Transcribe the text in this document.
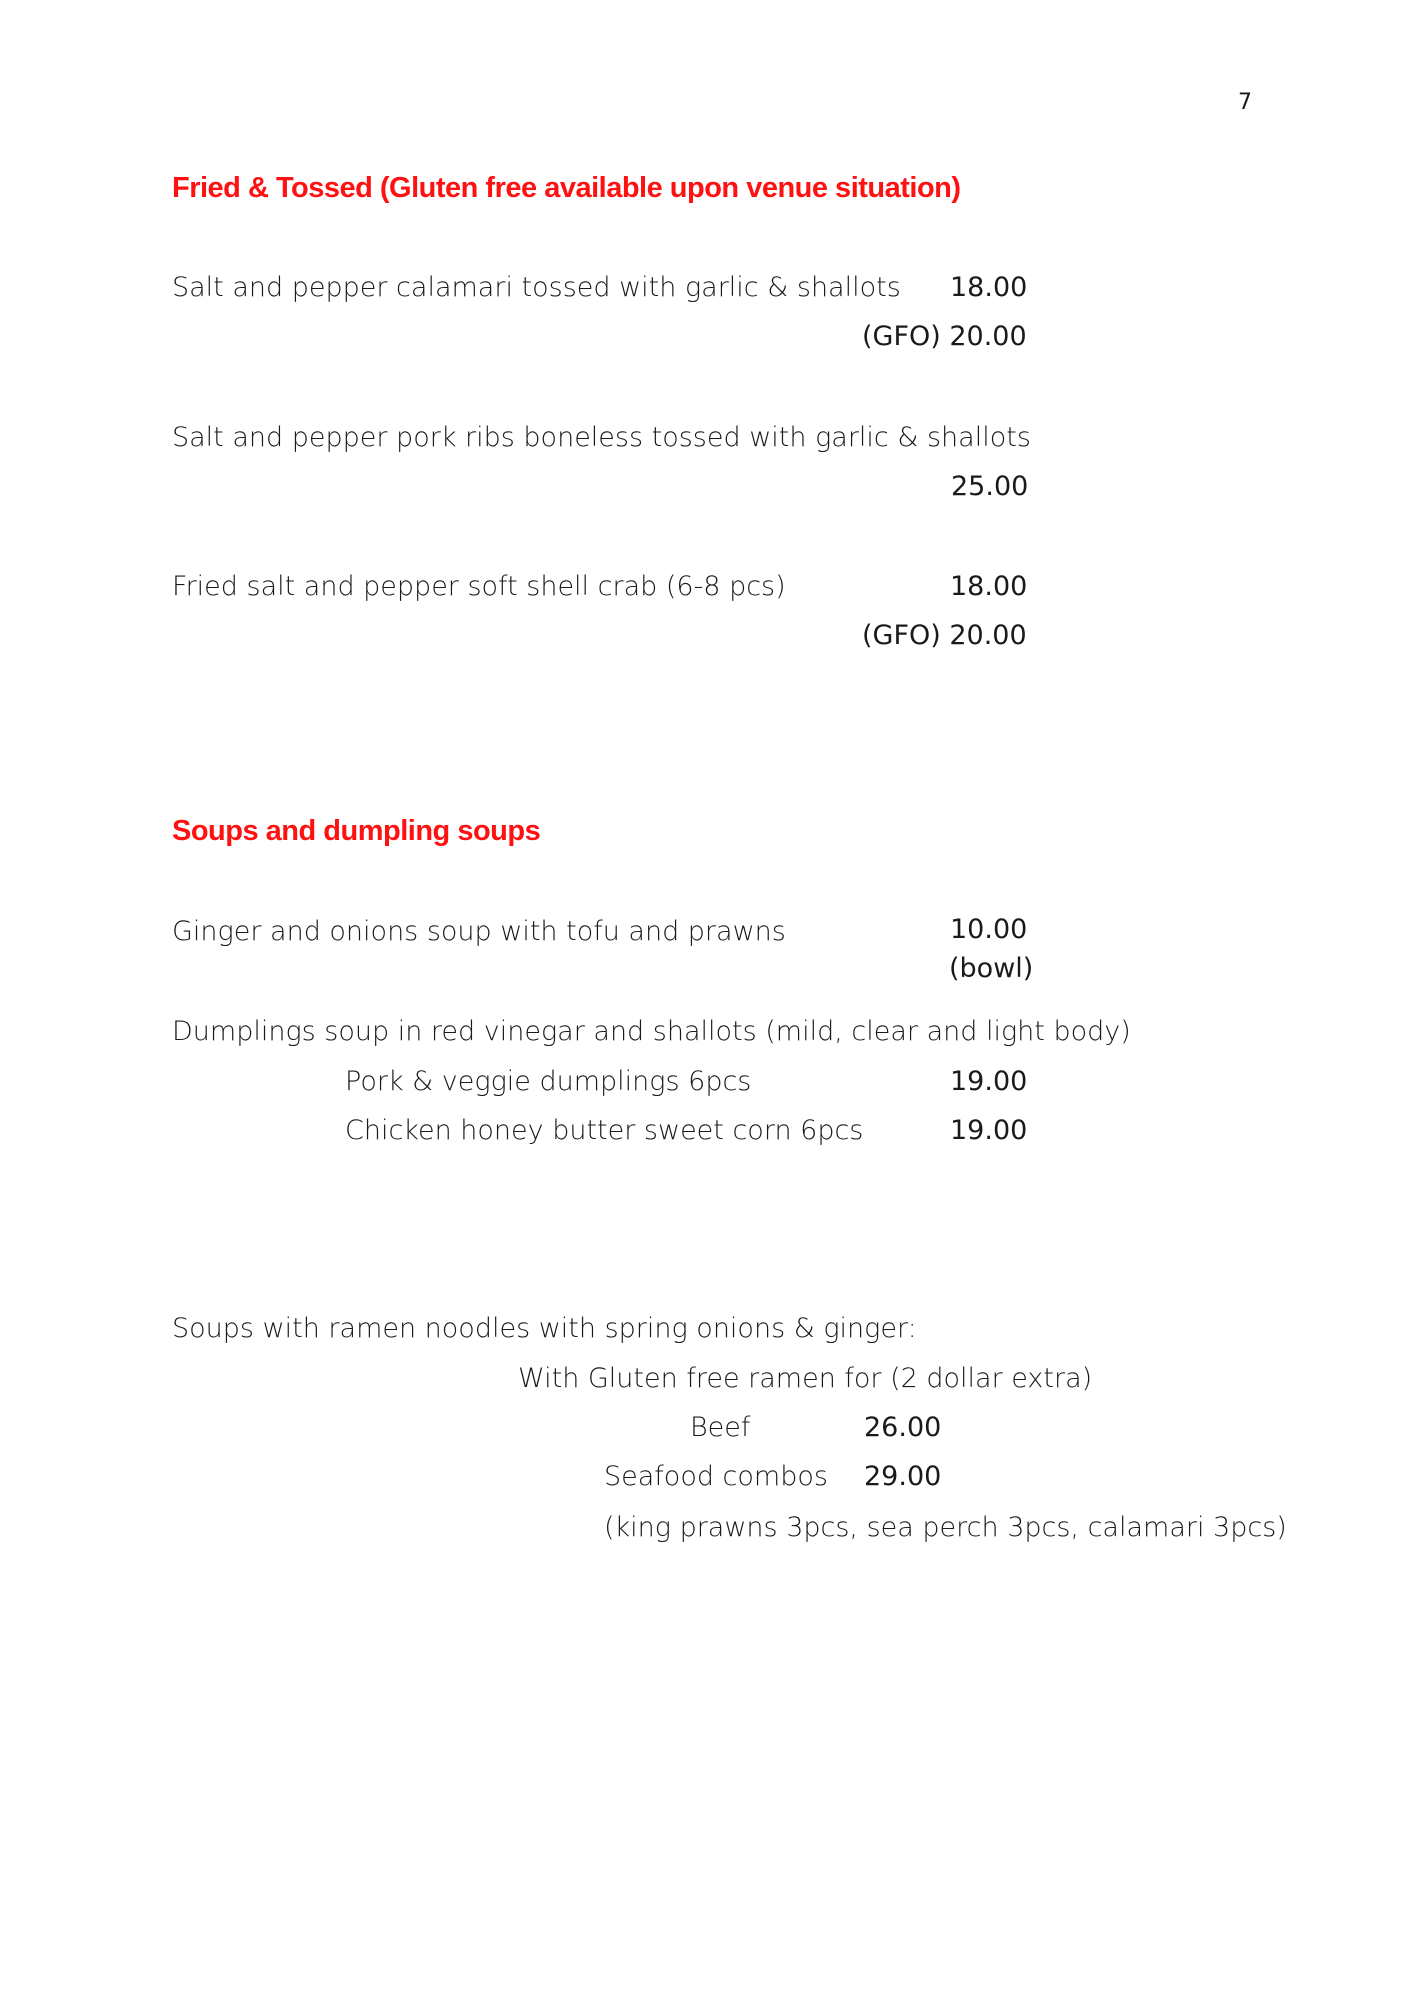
7
Fried & Tossed (Gluten free available upon venue situation)
Salt and pepper calamari tossed with garlic & shallots 18.00
(GFO) 20.00
Salt and pepper pork ribs boneless tossed with garlic & shallots
25.00
Fried salt and pepper soft shell crab (6-8 pcs)	18.00
(GFO) 20.00
Soups and dumpling soups
Ginger and onions soup with tofu and prawns	10.00
(bowl)
Dumplings soup in red vinegar and shallots (mild, clear and light body)
Pork & veggie dumplings 6pcs	19.00
Chicken honey butter sweet corn 6pcs	19.00
Soups with ramen noodles with spring onions & ginger:
With Gluten free ramen for (2 dollar extra)
Beef	26.00
Seafood combos 29.00
(king prawns 3pcs, sea perch 3pcs, calamari 3pcs)
